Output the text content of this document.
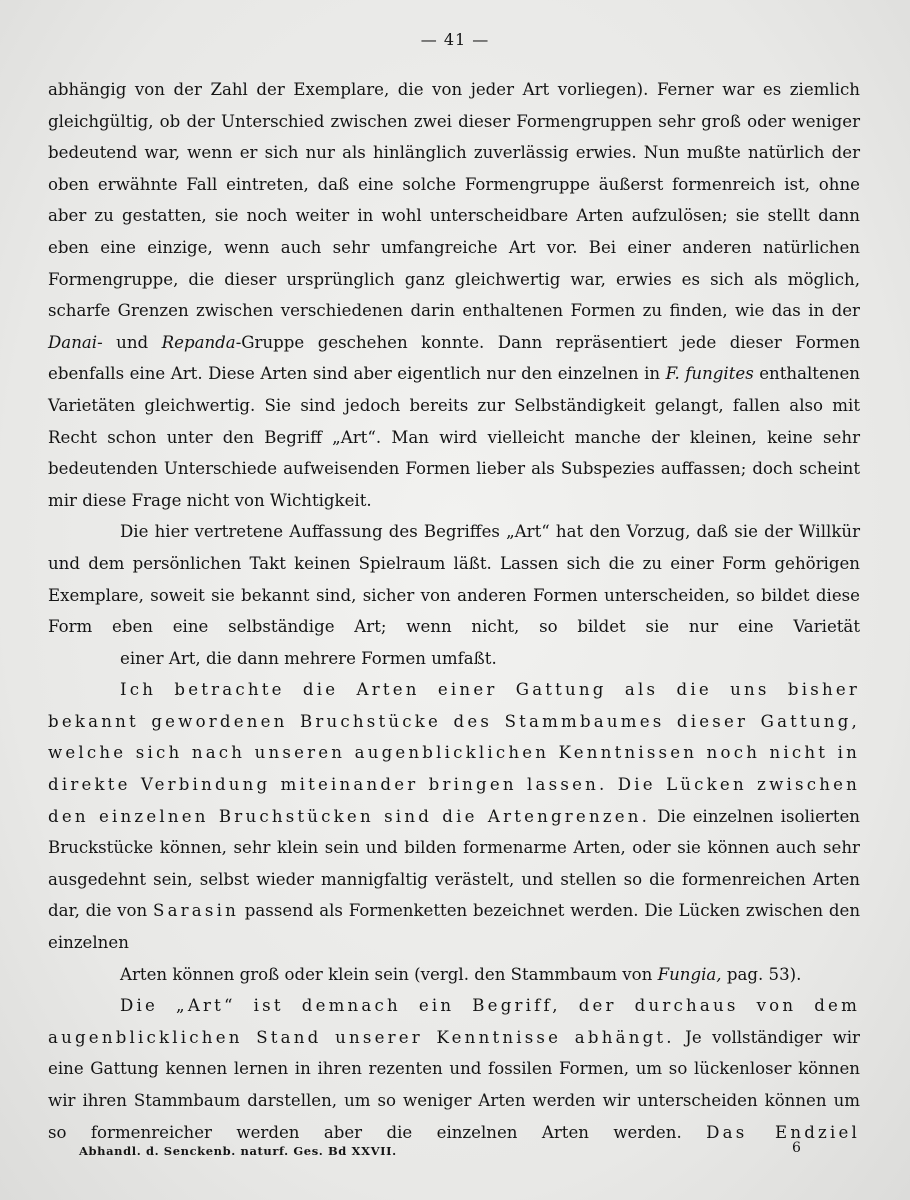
— 41 —

abhängig von der Zahl der Exemplare, die von jeder Art vorliegen). Ferner war es ziemlich gleichgültig, ob der Unterschied zwischen zwei dieser Formengruppen sehr groß oder weniger bedeutend war, wenn er sich nur als hinlänglich zuverlässig erwies. Nun mußte natürlich der oben erwähnte Fall eintreten, daß eine solche Formengruppe äußerst formenreich ist, ohne aber zu gestatten, sie noch weiter in wohl unterscheidbare Arten aufzulösen; sie stellt dann eben eine einzige, wenn auch sehr umfangreiche Art vor. Bei einer anderen natürlichen Formengruppe, die dieser ursprünglich ganz gleichwertig war, erwies es sich als möglich, scharfe Grenzen zwischen verschiedenen darin enthaltenen Formen zu finden, wie das in der Danai- und Repanda-Gruppe geschehen konnte. Dann repräsentiert jede dieser Formen ebenfalls eine Art. Diese Arten sind aber eigentlich nur den einzelnen in F. fungites enthaltenen Varietäten gleichwertig. Sie sind jedoch bereits zur Selbständigkeit gelangt, fallen also mit Recht schon unter den Begriff „Art“. Man wird vielleicht manche der kleinen, keine sehr bedeutenden Unterschiede aufweisenden Formen lieber als Subspezies auffassen; doch scheint
mir diese Frage nicht von Wichtigkeit.

Die hier vertretene Auffassung des Begriffes „Art“ hat den Vorzug, daß sie der Willkür und dem persönlichen Takt keinen Spielraum läßt. Lassen sich die zu einer Form gehörigen Exemplare, soweit sie bekannt sind, sicher von anderen Formen unterscheiden, so bildet diese Form eben eine selbständige Art; wenn nicht, so bildet sie nur eine Varietät
einer Art, die dann mehrere Formen umfaßt.

Ich betrachte die Arten einer Gattung als die uns bisher bekannt gewordenen Bruchstücke des Stammbaumes dieser Gattung, welche sich nach unseren augenblicklichen Kenntnissen noch nicht in direkte Verbindung miteinander bringen lassen. Die Lücken zwischen den einzelnen Bruchstücken sind die Artengrenzen. Die einzelnen isolierten Bruckstücke können, sehr klein sein und bilden formenarme Arten, oder sie können auch sehr ausgedehnt sein, selbst wieder mannigfaltig verästelt, und stellen so die formenreichen Arten dar, die von Sarasin passend als Formenketten bezeichnet werden. Die Lücken zwischen den einzelnen
Arten können groß oder klein sein (vergl. den Stammbaum von Fungia, pag. 53).

Die „Art“ ist demnach ein Begriff, der durchaus von dem augenblicklichen Stand unserer Kenntnisse abhängt. Je vollständiger wir eine Gattung kennen lernen in ihren rezenten und fossilen Formen, um so lückenloser können wir ihren Stammbaum darstellen, um so weniger Arten werden wir unterscheiden können um so formenreicher werden aber die einzelnen Arten werden. Das Endziel

Abhandl. d. Senckenb. naturf. Ges. Bd XXVII.	6
